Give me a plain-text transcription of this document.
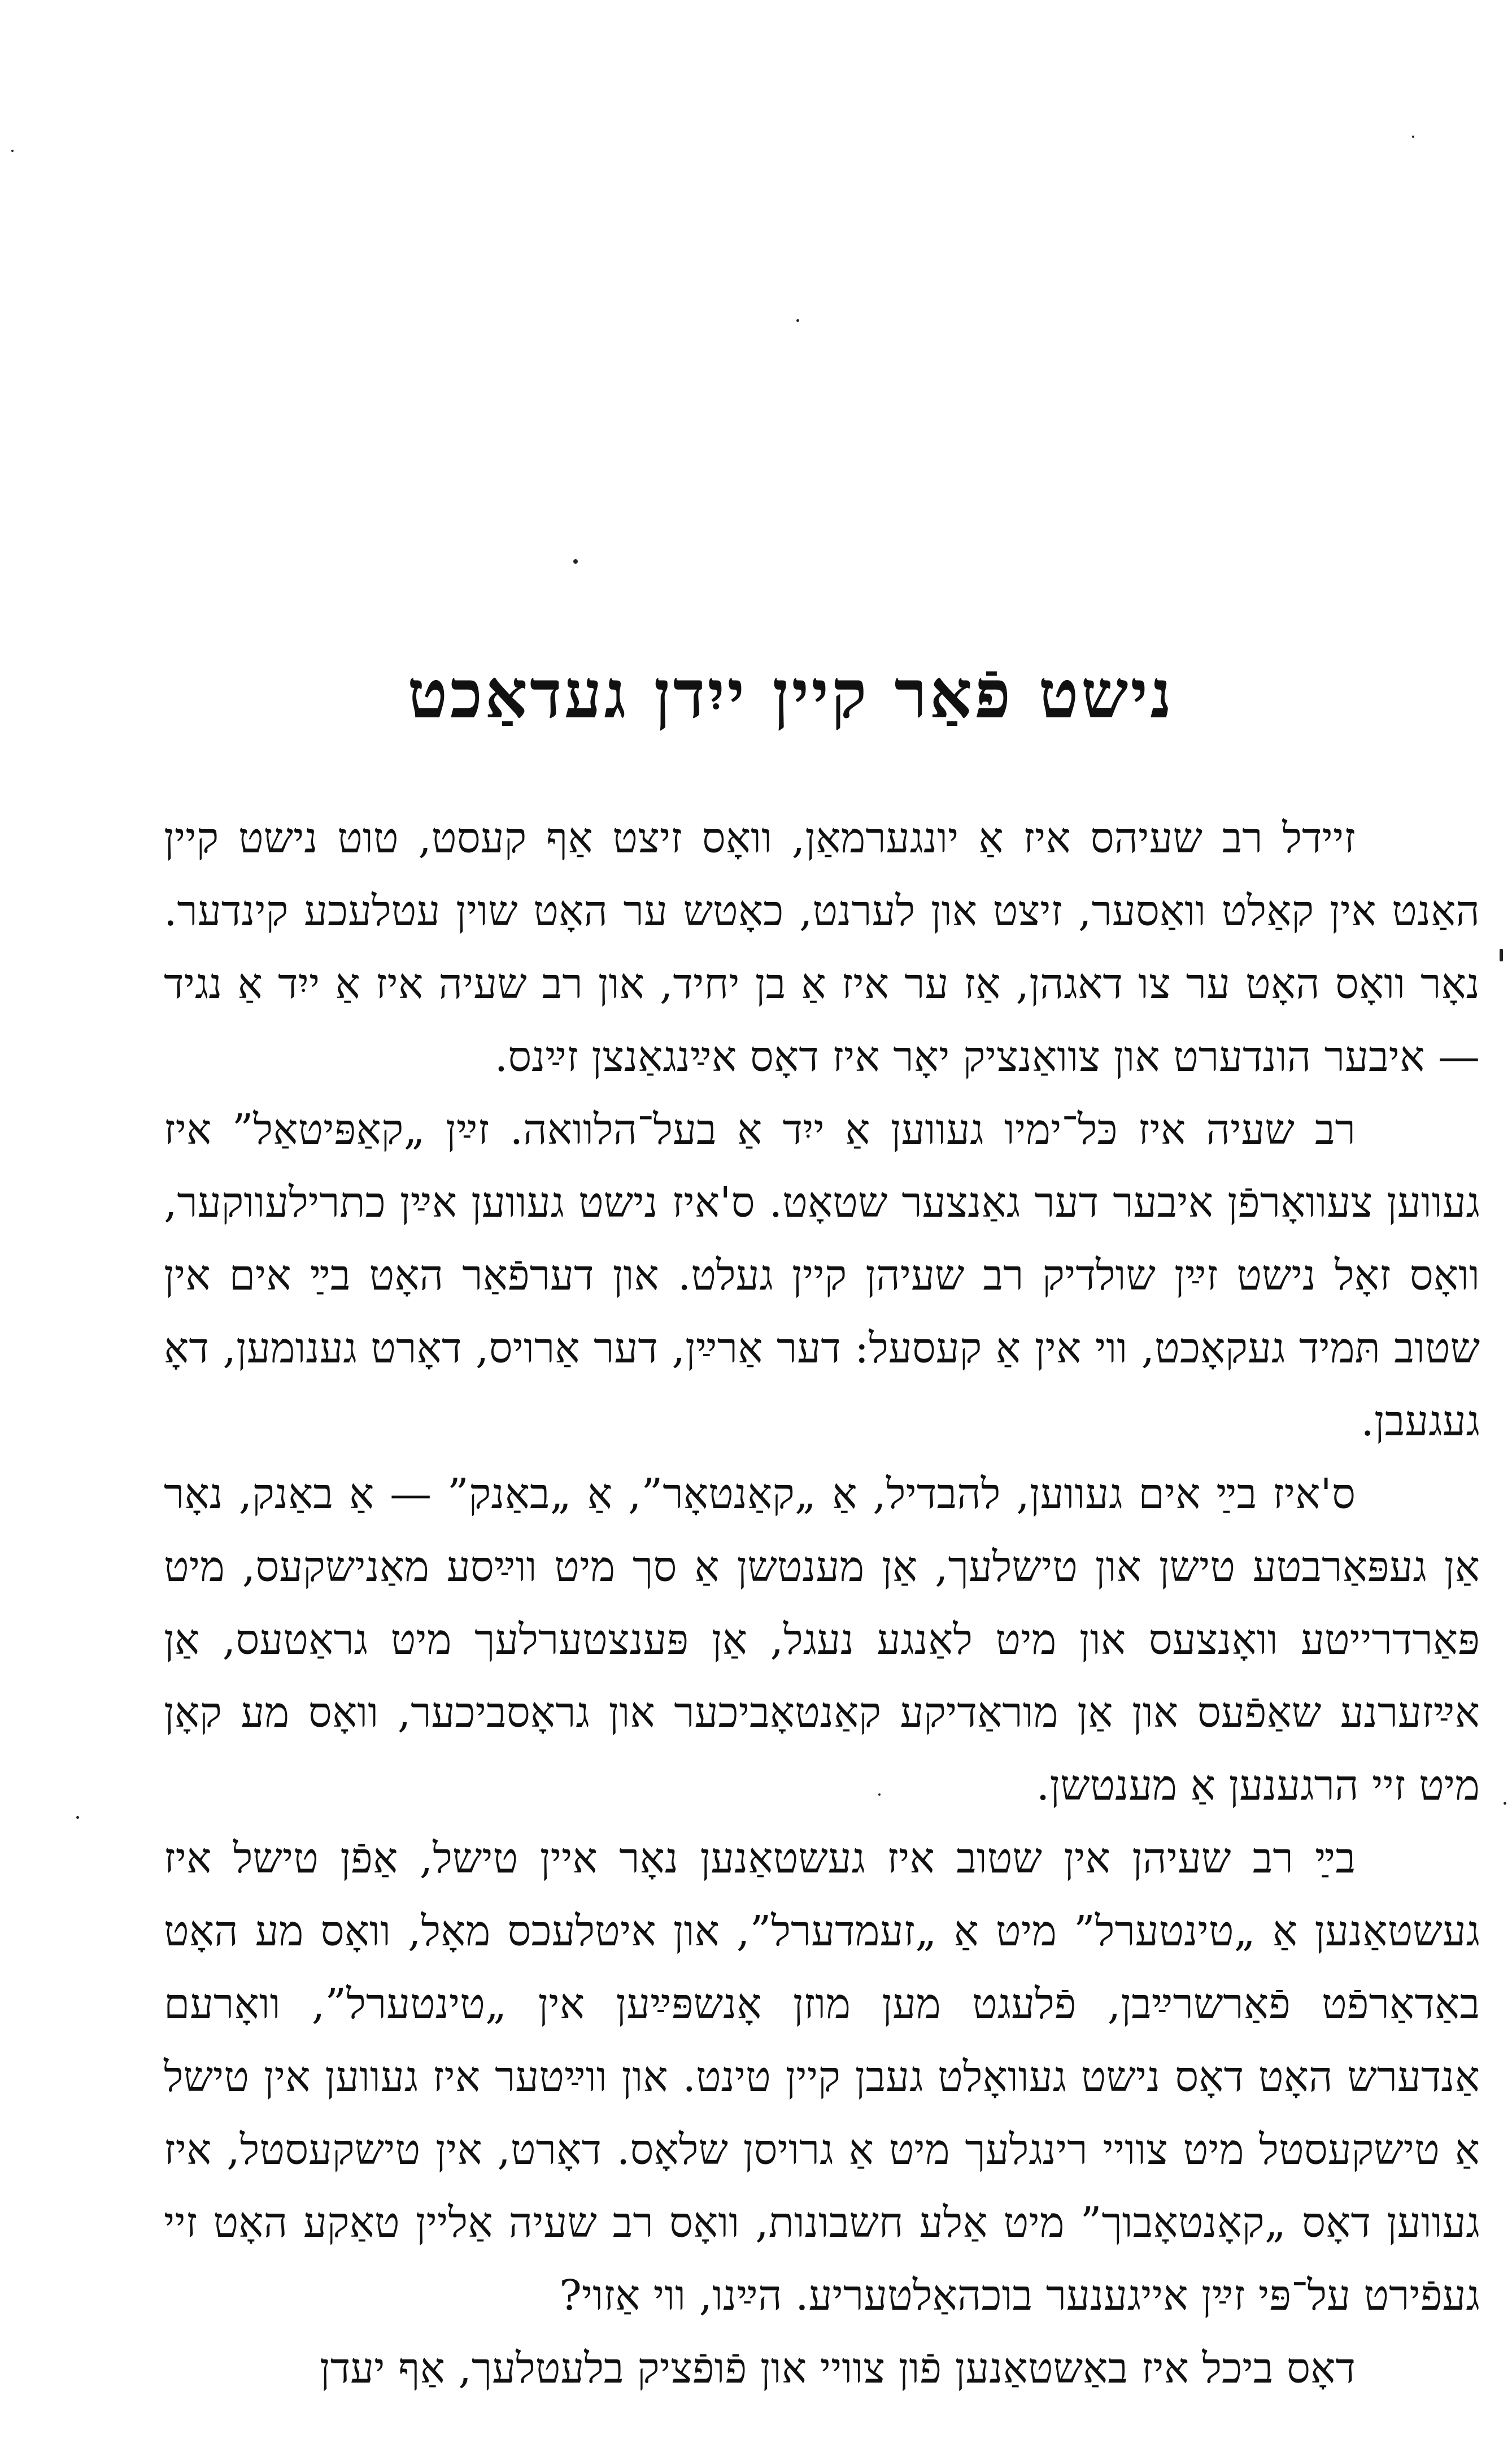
נישט פֿאַר קיין ייִדן געדאַכט

זיידל רב שעיהס איז אַ יונגערמאַן, וואָס זיצט אַף קעסט, טוט נישט קיין האַנט אין קאַלט וואַסער, זיצט און לערנט, כאָטש ער האָט שוין עטלעכע קינדער. נאָר וואָס האָט ער צו דאגהן, אַז ער איז אַ בן יחיד, און רב שעיה איז אַ ייִד אַ נגיד — איבער הונדערט און צוואַנציק יאָר איז דאָס אײַנגאַנצן זײַנס.

רב שעיה איז כּל־ימיו געווען אַ ייִד אַ בעל־הלוואה. זײַן „קאַפּיטאַל” איז געווען צעוואָרפֿן איבער דער גאַנצער שטאָט. ס'איז נישט געווען אײַן כתרילעווקער, וואָס זאָל נישט זײַן שולדיק רב שעיהן קיין געלט. און דערפֿאַר האָט בײַ אים אין שטוב תּמיד געקאָכט, ווי אין אַ קעסעל: דער אַרײַן, דער אַרויס, דאָרט גענומען, דאָ געגעבן.

ס'איז בײַ אים געווען, להבדיל, אַ „קאַנטאָר”, אַ „באַנק” — אַ באַנק, נאָר אַן געפּאַרבטע טישן און טישלעך, אַן מענטשן אַ סך מיט ווײַסע מאַנישקעס, מיט פּאַרדרייטע וואָנצעס און מיט לאַנגע נעגל, אַן פּענצטערלעך מיט גראַטעס, אַן אײַזערנע שאַפֿעס און אַן מוראַדיקע קאַנטאָביכער און גראָסביכער, וואָס מע קאָן מיט זיי הרגענען אַ מענטשן.

בײַ רב שעיהן אין שטוב איז געשטאַנען נאָר איין טישל, אַפֿן טישל איז געשטאַנען אַ „טינטערל” מיט אַ „זעמדערל”, און איטלעכס מאָל, וואָס מע האָט באַדאַרפֿט פֿאַרשרײַבן, פֿלעגט מען מוזן אָנשפּײַען אין „טינטערל”, וואָרעם אַנדערש האָט דאָס נישט געוואָלט געבן קיין טינט. און ווײַטער איז געווען אין טישל אַ טישקעסטל מיט צוויי רינגלעך מיט אַ גרויסן שלאָס. דאָרט, אין טישקעסטל, איז געווען דאָס „קאָנטאָבוך” מיט אַלע חשבונות, וואָס רב שעיה אַליין טאַקע האָט זיי געפֿירט על־פּי זײַן אייגענער בוכהאַלטעריע. הײַנו, ווי אַזוי?

דאָס ביכל איז באַשטאַנען פֿון צוויי און פֿופֿציק בלעטלעך, אַף יעדן
